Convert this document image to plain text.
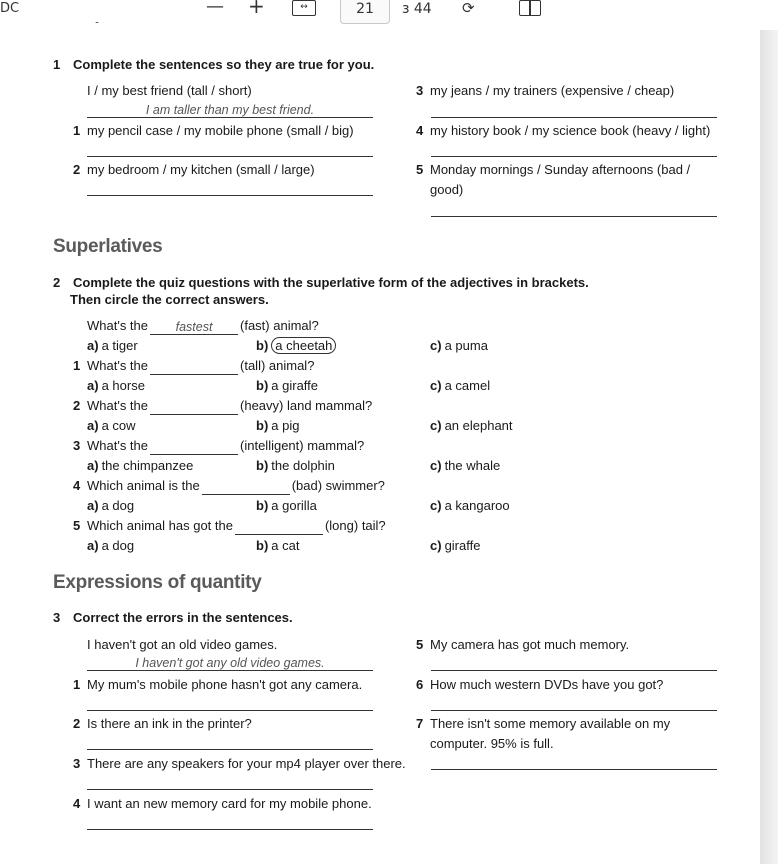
DC	— +	↔	21	з 44 ⟳
1 Complete the sentences so they are true for you.
I / my best friend (tall / short)
I am taller than my best friend.
1 my pencil case / my mobile phone (small / big)
2 my bedroom / my kitchen (small / large)
3 my jeans / my trainers (expensive / cheap)
4 my history book / my science book (heavy / light)
5 Monday mornings / Sunday afternoons (bad / good)
Superlatives
2 Complete the quiz questions with the superlative form of the adjectives in brackets.
Then circle the correct answers.
What's the fastest (fast) animal?
a) a tiger	b) a cheetah	c) a puma
1 What's the	(tall) animal?
a) a horse	b) a giraffe	c) a camel
2 What's the	(heavy) land mammal?
a) a cow	b) a pig	c) an elephant
3 What's the	(intelligent) mammal?
a) the chimpanzee	b) the dolphin	c) the whale
4 Which animal is the	(bad) swimmer?
a) a dog	b) a gorilla	c) a kangaroo
5 Which animal has got the	(long) tail?
a) a dog	b) a cat	c) giraffe
Expressions of quantity
3 Correct the errors in the sentences.
I haven't got an old video games.
I haven't got any old video games.
1 My mum's mobile phone hasn't got any camera.
2 Is there an ink in the printer?
3 There are any speakers for your mp4 player over there.
4 I want an new memory card for my mobile phone.
5 My camera has got much memory.
6 How much western DVDs have you got?
7 There isn't some memory available on my computer. 95% is full.
